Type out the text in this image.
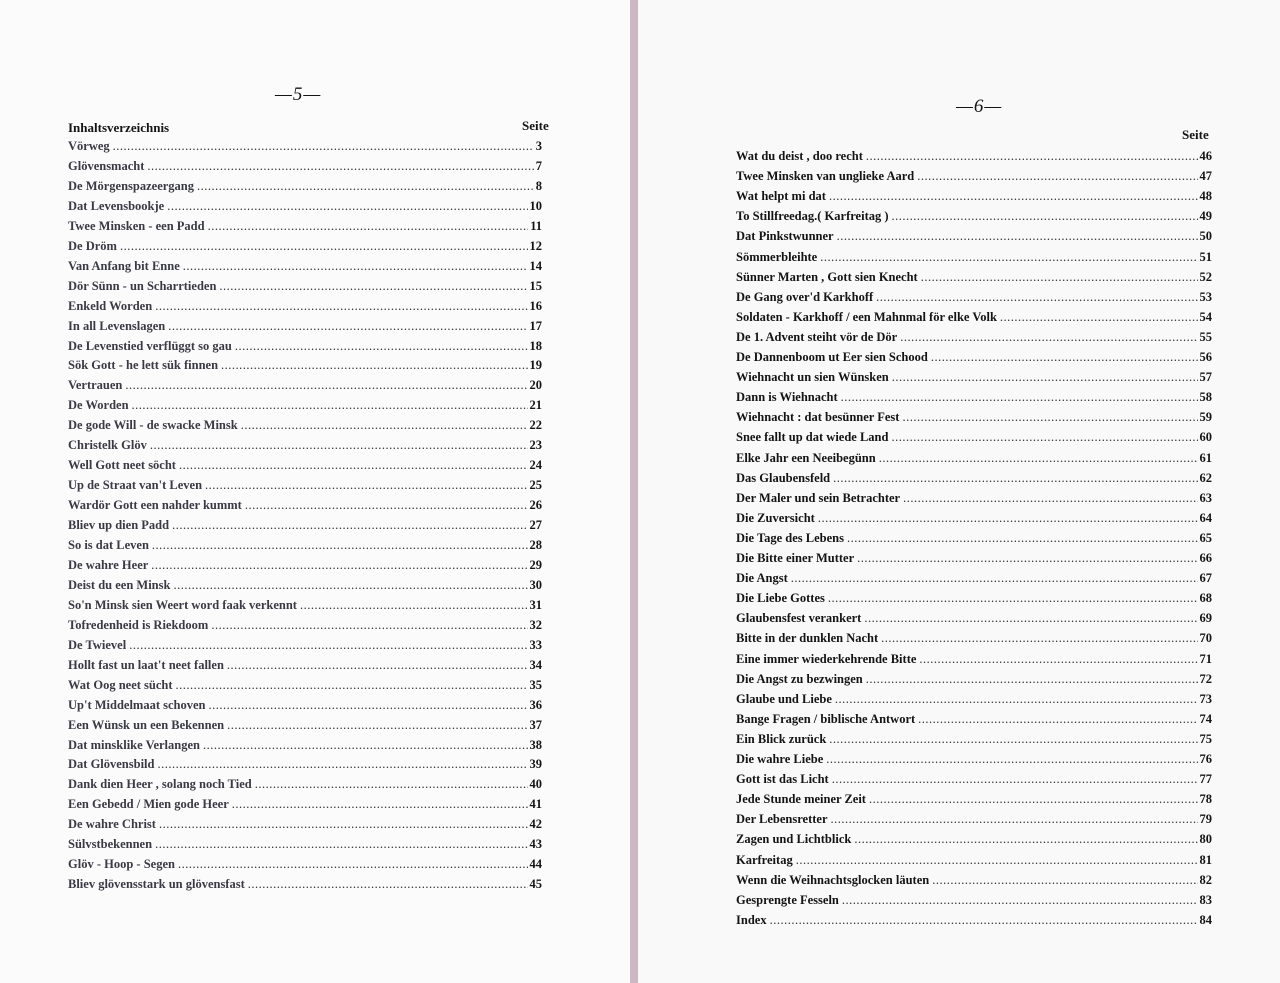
—5—
Inhaltsverzeichnis	Seite
Vörweg .....	3
Glövensmacht .....	7
De Mörgenspazeergang .....	8
Dat Levensbookje .....	10
Twee Minsken - een Padd .....	11
De Dröm .....	12
Van Anfang bit Enne .....	14
Dör Sünn - un Scharrtieden .....	15
Enkeld Worden .....	16
In all Levenslagen .....	17
De Levenstied verflüggt so gau .....	18
Sök Gott - he lett sük finnen .....	19
Vertrauen .....	20
De Worden .....	21
De gode Will - de swacke Minsk .....	22
Christelk Glöv .....	23
Well Gott neet söcht .....	24
Up de Straat van't Leven .....	25
Wardör Gott een nahder kummt .....	26
Bliev up dien Padd .....	27
So is dat Leven .....	28
De wahre Heer .....	29
Deist du een Minsk .....	30
So'n Minsk sien Weert word faak verkennt .....	31
Tofredenheid is Riekdoom .....	32
De Twievel .....	33
Hollt fast un laat't neet fallen .....	34
Wat Oog neet sücht .....	35
Up't Middelmaat schoven .....	36
Een Wünsk un een Bekennen .....	37
Dat minsklike Verlangen .....	38
Dat Glövensbild .....	39
Dank dien Heer , solang noch Tied .....	40
Een Gebedd / Mien gode Heer .....	41
De wahre Christ .....	42
Sülvstbekennen .....	43
Glöv - Hoop - Segen .....	44
Bliev glövensstark un glövensfast .....	45
—6—
Seite
Wat du deist , doo recht .....	46
Twee Minsken van unglieke Aard .....	47
Wat helpt mi dat .....	48
To Stillfreedag.( Karfreitag ) .....	49
Dat Pinkstwunner .....	50
Sömmerbleihte .....	51
Sünner Marten , Gott sien Knecht .....	52
De Gang over'd Karkhoff .....	53
Soldaten - Karkhoff / een Mahnmal för elke Volk .....	54
De 1. Advent steiht vör de Dör .....	55
De Dannenboom ut Eer sien Schood .....	56
Wiehnacht un sien Wünsken .....	57
Dann is Wiehnacht .....	58
Wiehnacht : dat besünner Fest .....	59
Snee fallt up dat wiede Land .....	60
Elke Jahr een Neeibegünn .....	61
Das Glaubensfeld .....	62
Der Maler und sein Betrachter .....	63
Die Zuversicht .....	64
Die Tage des Lebens .....	65
Die Bitte einer Mutter .....	66
Die Angst .....	67
Die Liebe Gottes .....	68
Glaubensfest verankert .....	69
Bitte in der dunklen Nacht .....	70
Eine immer wiederkehrende Bitte .....	71
Die Angst zu bezwingen .....	72
Glaube und Liebe .....	73
Bange Fragen / biblische Antwort .....	74
Ein Blick zurück .....	75
Die wahre Liebe .....	76
Gott ist das Licht .....	77
Jede Stunde meiner Zeit .....	78
Der Lebensretter .....	79
Zagen und Lichtblick .....	80
Karfreitag .....	81
Wenn die Weihnachtsglocken läuten .....	82
Gesprengte Fesseln .....	83
Index .....	84
